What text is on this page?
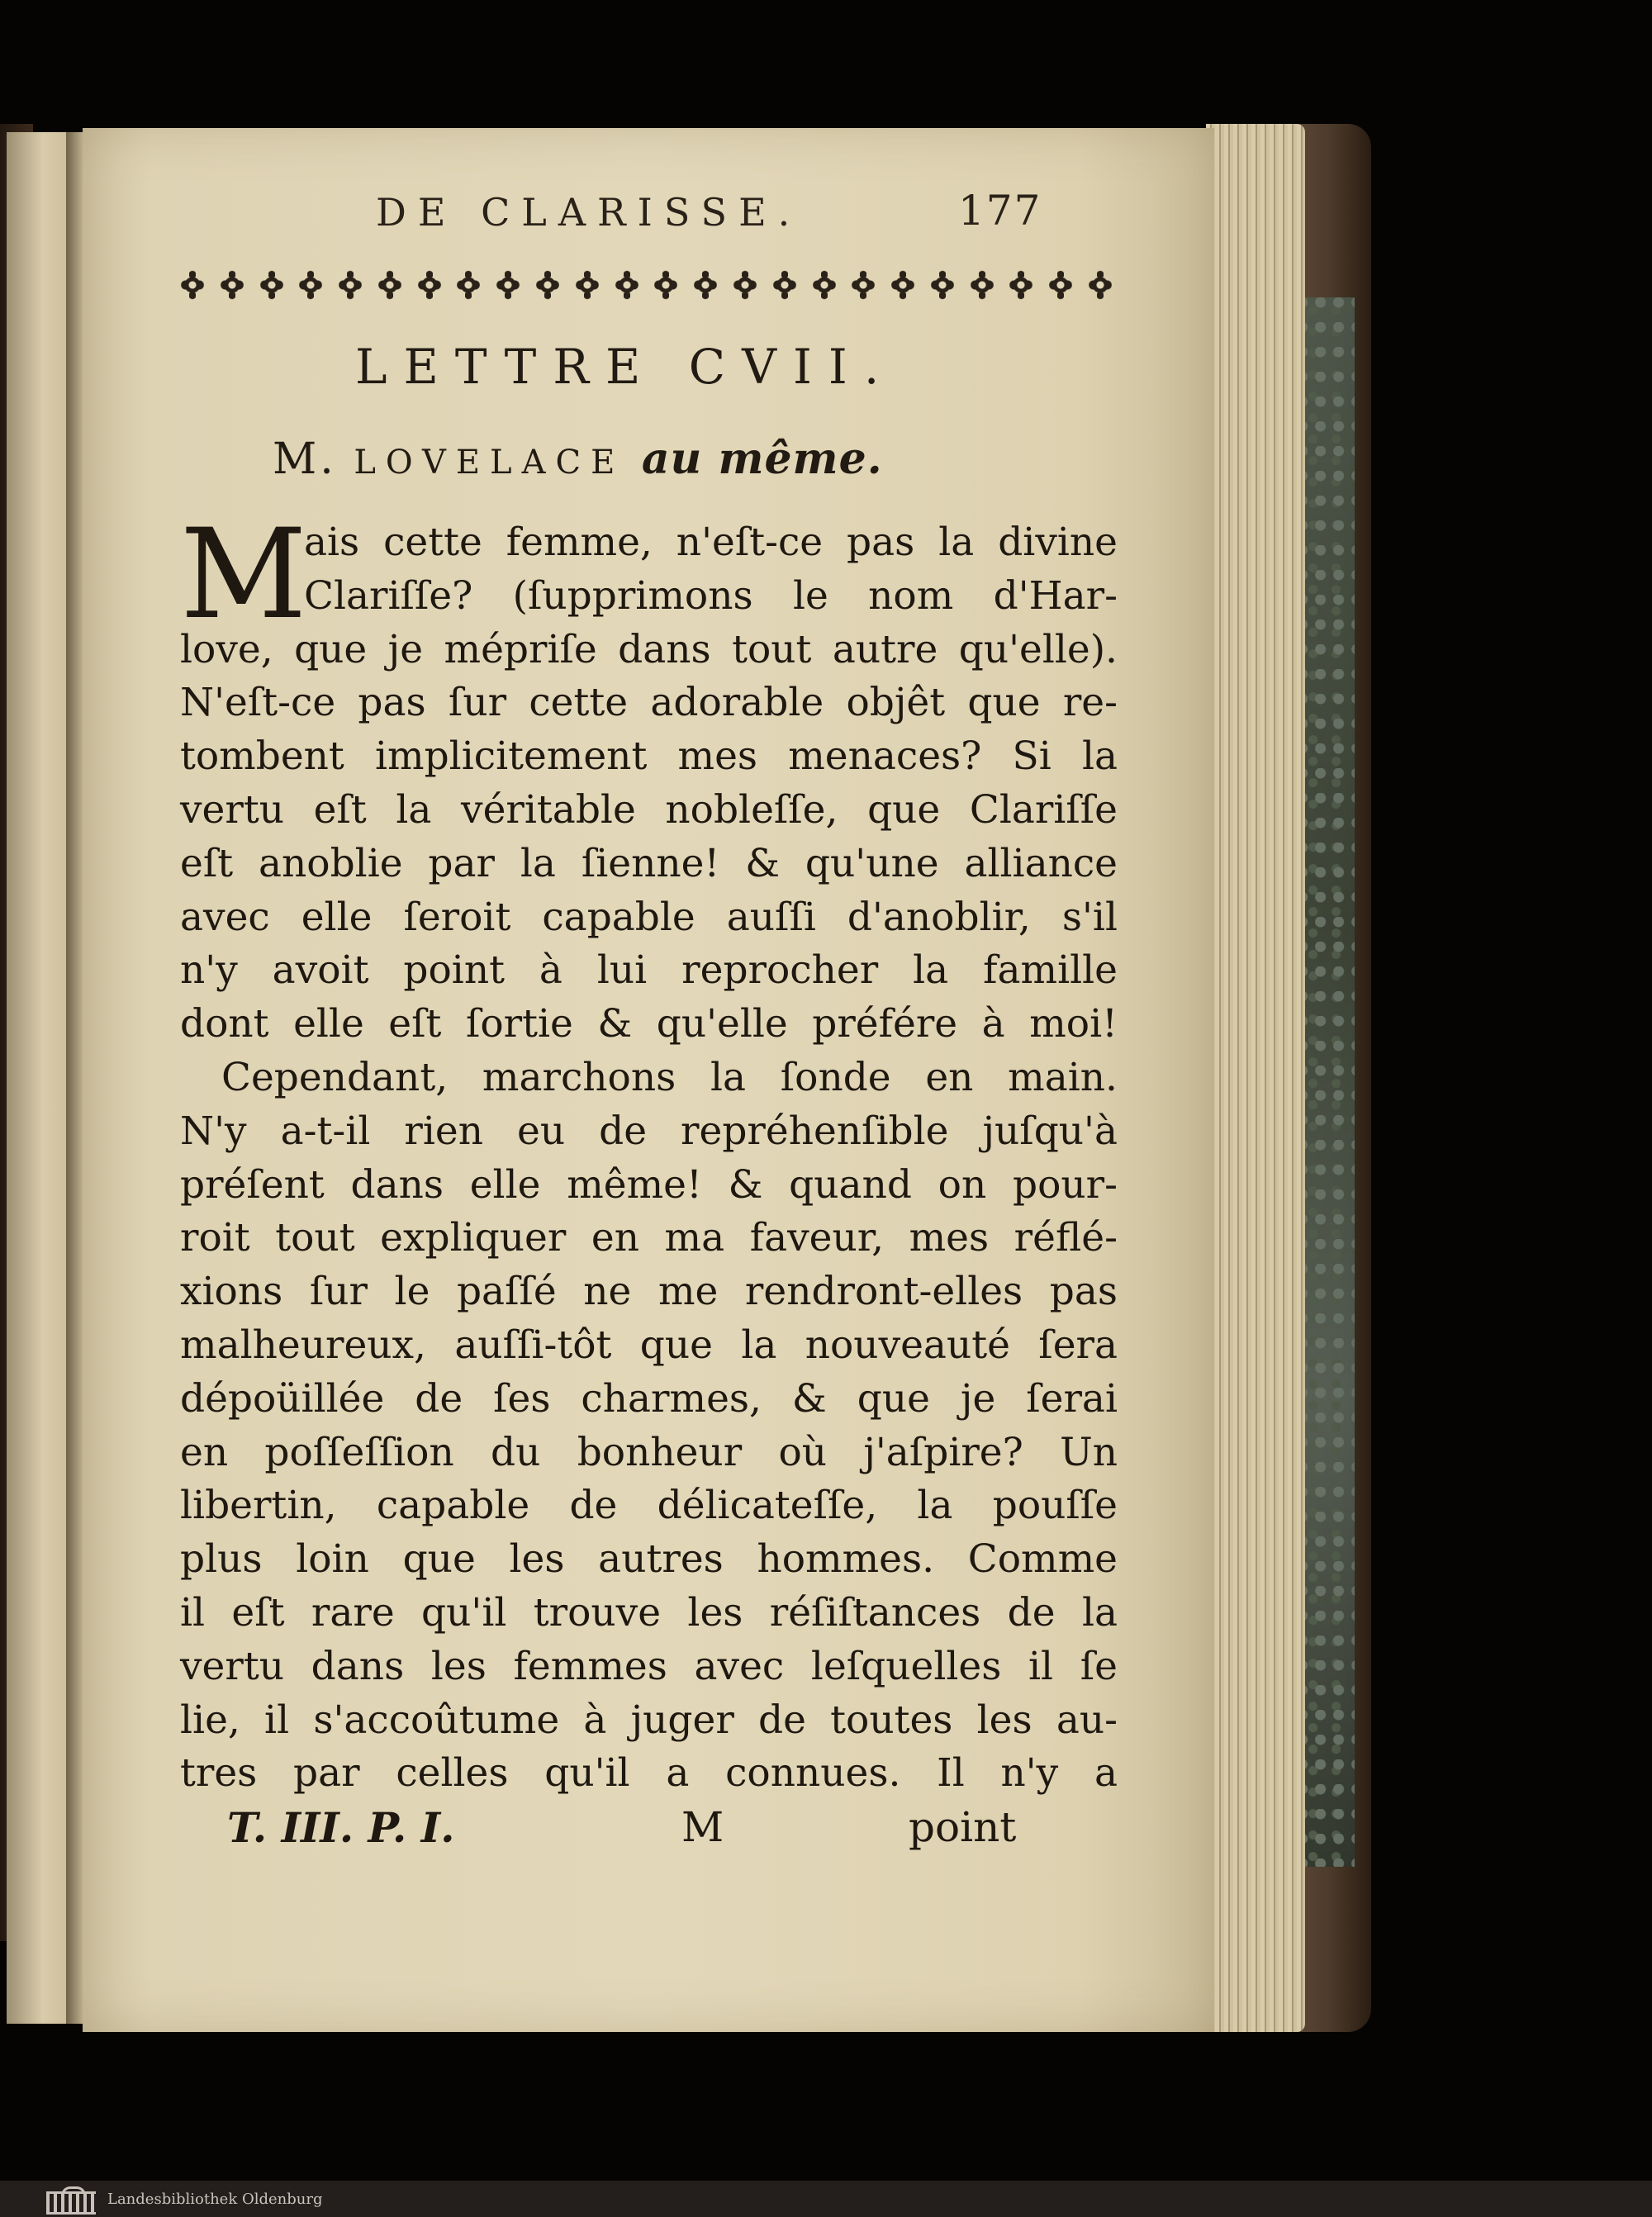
DE CLARISSE.	177
LETTRE CVII.
M. LOVELACE au même.
M
ais cette femme, n'eſt-ce pas la divine
Clariſſe? (ſupprimons le nom d'Har-
love, que je mépriſe dans tout autre qu'elle).
N'eſt-ce pas ſur cette adorable objêt que re-
tombent implicitement mes menaces? Si la
vertu eſt la véritable nobleſſe, que Clariſſe
eſt anoblie par la ſienne! & qu'une alliance
avec elle ſeroit capable auſſi d'anoblir, s'il
n'y avoit point à lui reprocher la famille
dont elle eſt ſortie & qu'elle préfére à moi!
Cependant, marchons la ſonde en main.
N'y a-t-il rien eu de repréhenſible juſqu'à
préſent dans elle même! & quand on pour-
roit tout expliquer en ma faveur, mes réflé-
xions ſur le paſſé ne me rendront-elles pas
malheureux, auſſi-tôt que la nouveauté ſera
dépoüillée de ſes charmes, & que je ſerai
en poſſeſſion du bonheur où j'aſpire? Un
libertin, capable de délicateſſe, la pouſſe
plus loin que les autres hommes. Comme
il eſt rare qu'il trouve les réſiſtances de la
vertu dans les femmes avec leſquelles il ſe
lie, il s'accoûtume à juger de toutes les au-
tres par celles qu'il a connues. Il n'y a
T. III. P. I.	M	point
Landesbibliothek Oldenburg
